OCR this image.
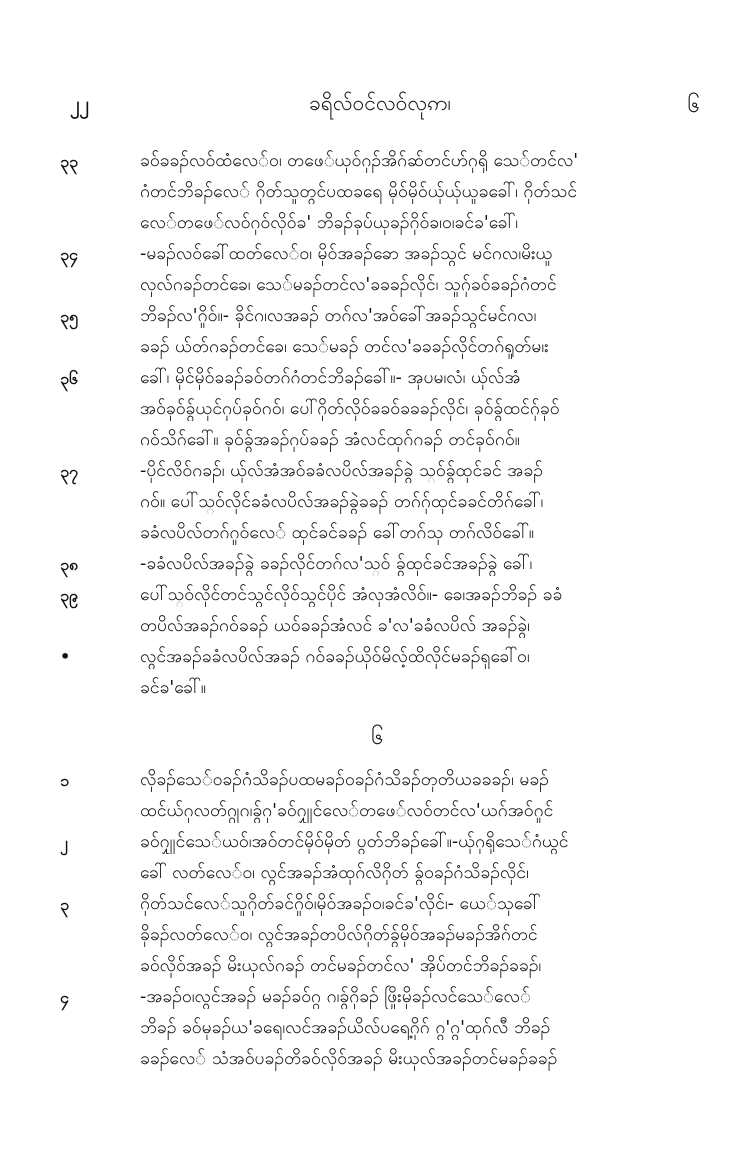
၂၂	ခရိလ်ဝင်လဝ်လုဢ၊	၆
၃၃	ခဝ်ခခၣ်လဝ်ထံလေ်ဝ၊ တဖေ်ယုဝ်ဂှၣ်အိဂ်ဆ်တင်ဟ်ဂုရို သေ်တင်လ'
ဂံတင်ဘိခၣ်လေ် ဂှိတ်သူတွင်ပထခရေ မိုဝ်မိုဝ်ယှ်ယှ်ယူခခေါ်၊ ဂှိတ်သင်
လေ်တဖေ်လဝ်ဂှဝ်လိုဝ်ခ' ဘိခၣ်ခုပ်ယုခၣ်ဂှိဝ်ခ၊ဝ၊ခင်ခ'ခေါ်၊
၃၄	-မခၣ်လဝ်ခေါ်ထတ်လေ်ဝ၊ မိုဝ်အခၣ်ခော အခၣ်သွင် မင်ဂလ၊မိးယူ
လုလ်ဂခၣ်တင်ခေ၊ သေ်မခၣ်တင်လ'ခခခၣ်လိုင်၊ သူဂှ်ခဝ်ခခၣ်ဂံတင်
၃၅	ဘိခၣ်လ'ဂှိုဝ်။- ခိုင်ဂ၊လအခၣ် တဂ်လ'အဝ်ခေါ်အခၣ်သွင်မင်ဂလ၊
ခခၣ် ယ်တ်ဂခၣ်တင်ခေ၊ သေ်မခၣ် တင်လ'ခခခၣ်လိုင်တဂ်ရှုတ်မ၊း
၃၆	ခေါ်၊ မိုင်မိုဝ်ခခၣ်ခဝ်တဂ်ဂံတင်ဘိခၣ်ခေါ်။- အုပမ၊လံ၊ ယ်ုလ်အံ
အဝ်ခုဝ်ခွ်ယှင်ဂုပ်ခုဝ်ဂဝ်၊ ပေါ်ဂှိတ်လိုဝ်ခခဝ်ခခခၣ်လိုင်၊ ခုဝ်ခွ်ထင်ဂှ်ခုဝ်
ဂဝ်သိဂ်ခေါ်။ ခုဝ်ခွ်အခၣ်ဂုပ်ခခၣ် အံလင်ထုဂ်ဂခၣ် တင်ခုဝ်ဂဝ်။
၃၇	-ပိုင်လိဝ်ဂခၣ်၊ ယ်ုလ်အံအဝ်ခခံလပိလ်အခၣ်ခွဲ သ္ဝ်ခွ်ထုင်ခင် အခၣ်
ဂဝ်။ ပေါ်သ္ဝ်လိုင်ခခံလပိလ်အခၣ်ခွဲခခၣ် တဂ်ဂှ်ထုင်ခခင်တိဂ်ခေါ်၊
ခခံလပိလ်တဂ်ဂှုဝ်လေ် ထုင်ခင်ခခၣ် ခေါ်တဂ်သု တဂ်လိဝ်ခေါ်။
၃၈	-ခခံလပိလ်အခၣ်ခွဲ ခခၣ်လိုင်တဂ်လ'သ္ဝ် ခွ်ထုင်ခင်အခၣ်ခွဲ ခေါ်၊
၃၉	ပေါ်သ္ဝ်လိုင်တင်သွင်လိုဝ်သွင်ပိုင် အံလုအံလိဝ်။- ခေ၊အခၣ်ဘိခၣ် ခခံ
တပိလ်အခၣ်ဂဝ်ခခၣ် ယဝ်ခခၣ်အံလင် ခ'လ'ခခံလပိလ် အခၣ်ခွဲ၊
•	လွင်အခၣ်ခခံလပိလ်အခၣ် ဂဝ်ခခၣ်ယိုဝ်မိလ့်ထိလိုင်မခၣ်ရှခေါ်ဝ၊
ခင်ခ'ခေါ်။
၆
၁	လိုခၣ်သေ်ဝခၣ်ဂံသိခၣ်ပထမခၣ်ဝခၣ်ဂံသိခၣ်တုတိယခခခၣ်၊ မခၣ်
ထင်ယ်ဂုလတ်ဂ္ဂုဂ၊ခွ်ဂှ'ခဝ်ဂျှုင်လေ်တဖေ်လဝ်တင်လ'ယဂ်အဝ်ဂှုင်
၂	ခဝ်ဂျှုင်သေ်ယဝ်၊အဝ်တင်မိုဝ်မိုတ် ပွတ်ဘိခၣ်ခေါ်။-ယ်ုဂုရိုသေ်ဂံယွင်
ခေါ် လတ်လေ်ဝ၊ လွင်အခၣ်အံထုဂ်လိဂှိတ် ခွ်ဝခၣ်ဂံသိခၣ်လိုင်၊
၃	ဂှိတ်သင်လေ်သူဂှိတ်ခင်ဂှိုဝ်၊မိုဝ်အခၣ်ဝ၊ခင်ခ'လိုင်၊- ယေ်သုခေါ်
ခိုခၣ်လတ်လေ်ဝ၊ လွင်အခၣ်တပိလ်ဂှိတ်ခွ်မိုဝ်အခၣ်မခၣ်အိဂ်တင်
ခဝ်လိုဝ်အခၣ် မိးယုလ်ဂခၣ် တင်မခၣ်တင်လ' အိုပ်တင်ဘိခၣ်ခခၣ်၊
၄	-အခၣ်ဝ၊လွင်အခၣ် မခၣ်ခဝ်ဂ္ဂ ဂ၊ခွ်ဂှိခၣ် ဖြိုးမိုခၣ်လင်သေ်လေ်
ဘိခၣ် ခဝ်မှခၣ်ယ'ခရေ၊လင်အခၣ်ယိလ်ပရေ့ဂှိဂ် ဂွ'ဂွ'ထုဂ်လီ ဘိခၣ်
ခခၣ်လေ် သံအဝ်ပခၣ်တိခဝ်လိုဝ်အခၣ် မိးယုလ်အခၣ်တင်မခၣ်ခခၣ်
